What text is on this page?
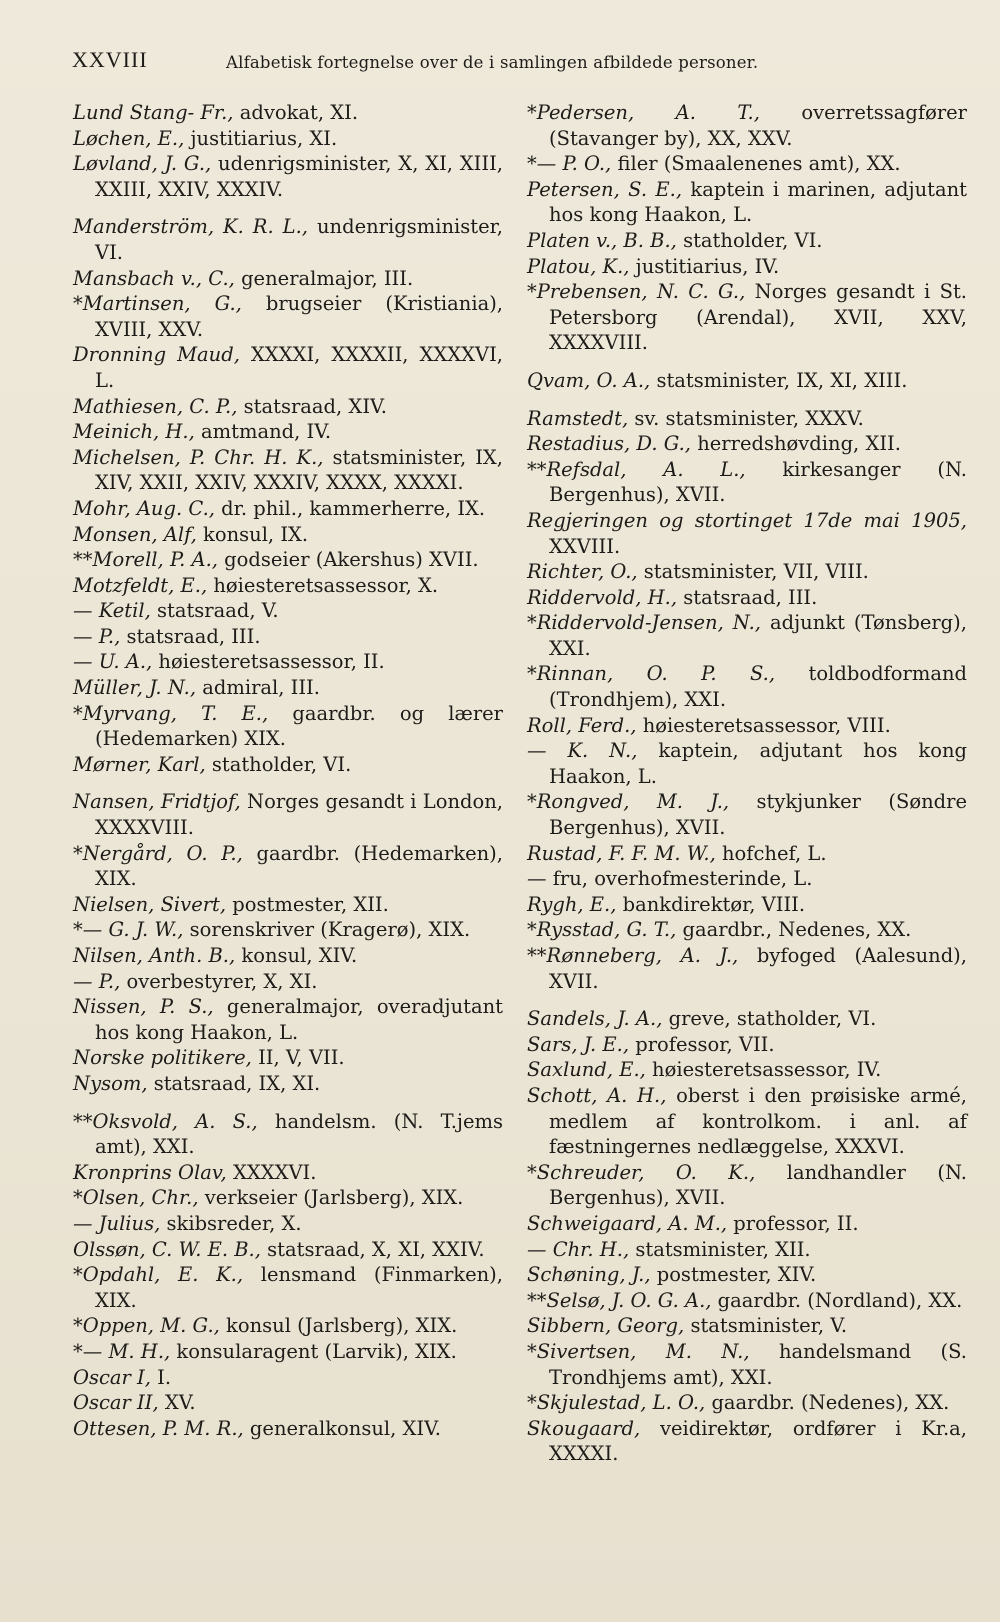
XXVIII	Alfabetisk fortegnelse over de i samlingen afbildede personer.

Lund Stang- Fr., advokat, XI.

Løchen, E., justitiarius, XI.

Løvland, J. G., udenrigsminister, X, XI, XIII, XXIII, XXIV, XXXIV.

Manderström, K. R. L., undenrigsminister, VI.

Mansbach v., C., generalmajor, III.

*Martinsen, G., brugseier (Kristiania), XVIII, XXV.

Dronning Maud, XXXXI, XXXXII, XXXXVI, L.

Mathiesen, C. P., statsraad, XIV.

Meinich, H., amtmand, IV.

Michelsen, P. Chr. H. K., statsminister, IX, XIV, XXII, XXIV, XXXIV, XXXX, XXXXI.

Mohr, Aug. C., dr. phil., kammerherre, IX.

Monsen, Alf, konsul, IX.

**Morell, P. A., godseier (Akershus) XVII.

Motzfeldt, E., høiesteretsassessor, X.

— Ketil, statsraad, V.

— P., statsraad, III.

— U. A., høiesteretsassessor, II.

Müller, J. N., admiral, III.

*Myrvang, T. E., gaardbr. og lærer (Hedemarken) XIX.

Mørner, Karl, statholder, VI.

Nansen, Fridtjof, Norges gesandt i London, XXXXVIII.

*Nergård, O. P., gaardbr. (Hedemarken), XIX.

Nielsen, Sivert, postmester, XII.

*— G. J. W., sorenskriver (Kragerø), XIX.

Nilsen, Anth. B., konsul, XIV.

— P., overbestyrer, X, XI.

Nissen, P. S., generalmajor, overadjutant hos kong Haakon, L.

Norske politikere, II, V, VII.

Nysom, statsraad, IX, XI.

**Oksvold, A. S., handelsm. (N. T.jems amt), XXI.

Kronprins Olav, XXXXVI.

*Olsen, Chr., verkseier (Jarlsberg), XIX.

— Julius, skibsreder, X.

Olssøn, C. W. E. B., statsraad, X, XI, XXIV.

*Opdahl, E. K., lensmand (Finmarken), XIX.

*Oppen, M. G., konsul (Jarlsberg), XIX.

*— M. H., konsularagent (Larvik), XIX.

Oscar I, I.

Oscar II, XV.

Ottesen, P. M. R., generalkonsul, XIV.

*Pedersen, A. T., overretssagfører (Stavanger by), XX, XXV.

*— P. O., filer (Smaalenenes amt), XX.

Petersen, S. E., kaptein i marinen, adjutant hos kong Haakon, L.

Platen v., B. B., statholder, VI.

Platou, K., justitiarius, IV.

*Prebensen, N. C. G., Norges gesandt i St. Petersborg (Arendal), XVII, XXV, XXXXVIII.

Qvam, O. A., statsminister, IX, XI, XIII.

Ramstedt, sv. statsminister, XXXV.

Restadius, D. G., herredshøvding, XII.

**Refsdal, A. L., kirkesanger (N. Bergenhus), XVII.

Regjeringen og stortinget 17de mai 1905, XXVIII.

Richter, O., statsminister, VII, VIII.

Riddervold, H., statsraad, III.

*Riddervold-Jensen, N., adjunkt (Tønsberg), XXI.

*Rinnan, O. P. S., toldbodformand (Trondhjem), XXI.

Roll, Ferd., høiesteretsassessor, VIII.

— K. N., kaptein, adjutant hos kong Haakon, L.

*Rongved, M. J., stykjunker (Søndre Bergenhus), XVII.

Rustad, F. F. M. W., hofchef, L.

— fru, overhofmesterinde, L.

Rygh, E., bankdirektør, VIII.

*Rysstad, G. T., gaardbr., Nedenes, XX.

**Rønneberg, A. J., byfoged (Aalesund), XVII.

Sandels, J. A., greve, statholder, VI.

Sars, J. E., professor, VII.

Saxlund, E., høiesteretsassessor, IV.

Schott, A. H., oberst i den prøisiske armé, medlem af kontrolkom. i anl. af fæstningernes nedlæggelse, XXXVI.

*Schreuder, O. K., landhandler (N. Bergenhus), XVII.

Schweigaard, A. M., professor, II.

— Chr. H., statsminister, XII.

Schøning, J., postmester, XIV.

**Selsø, J. O. G. A., gaardbr. (Nordland), XX.

Sibbern, Georg, statsminister, V.

*Sivertsen, M. N., handelsmand (S. Trondhjems amt), XXI.

*Skjulestad, L. O., gaardbr. (Nedenes), XX.

Skougaard, veidirektør, ordfører i Kr.a, XXXXI.
